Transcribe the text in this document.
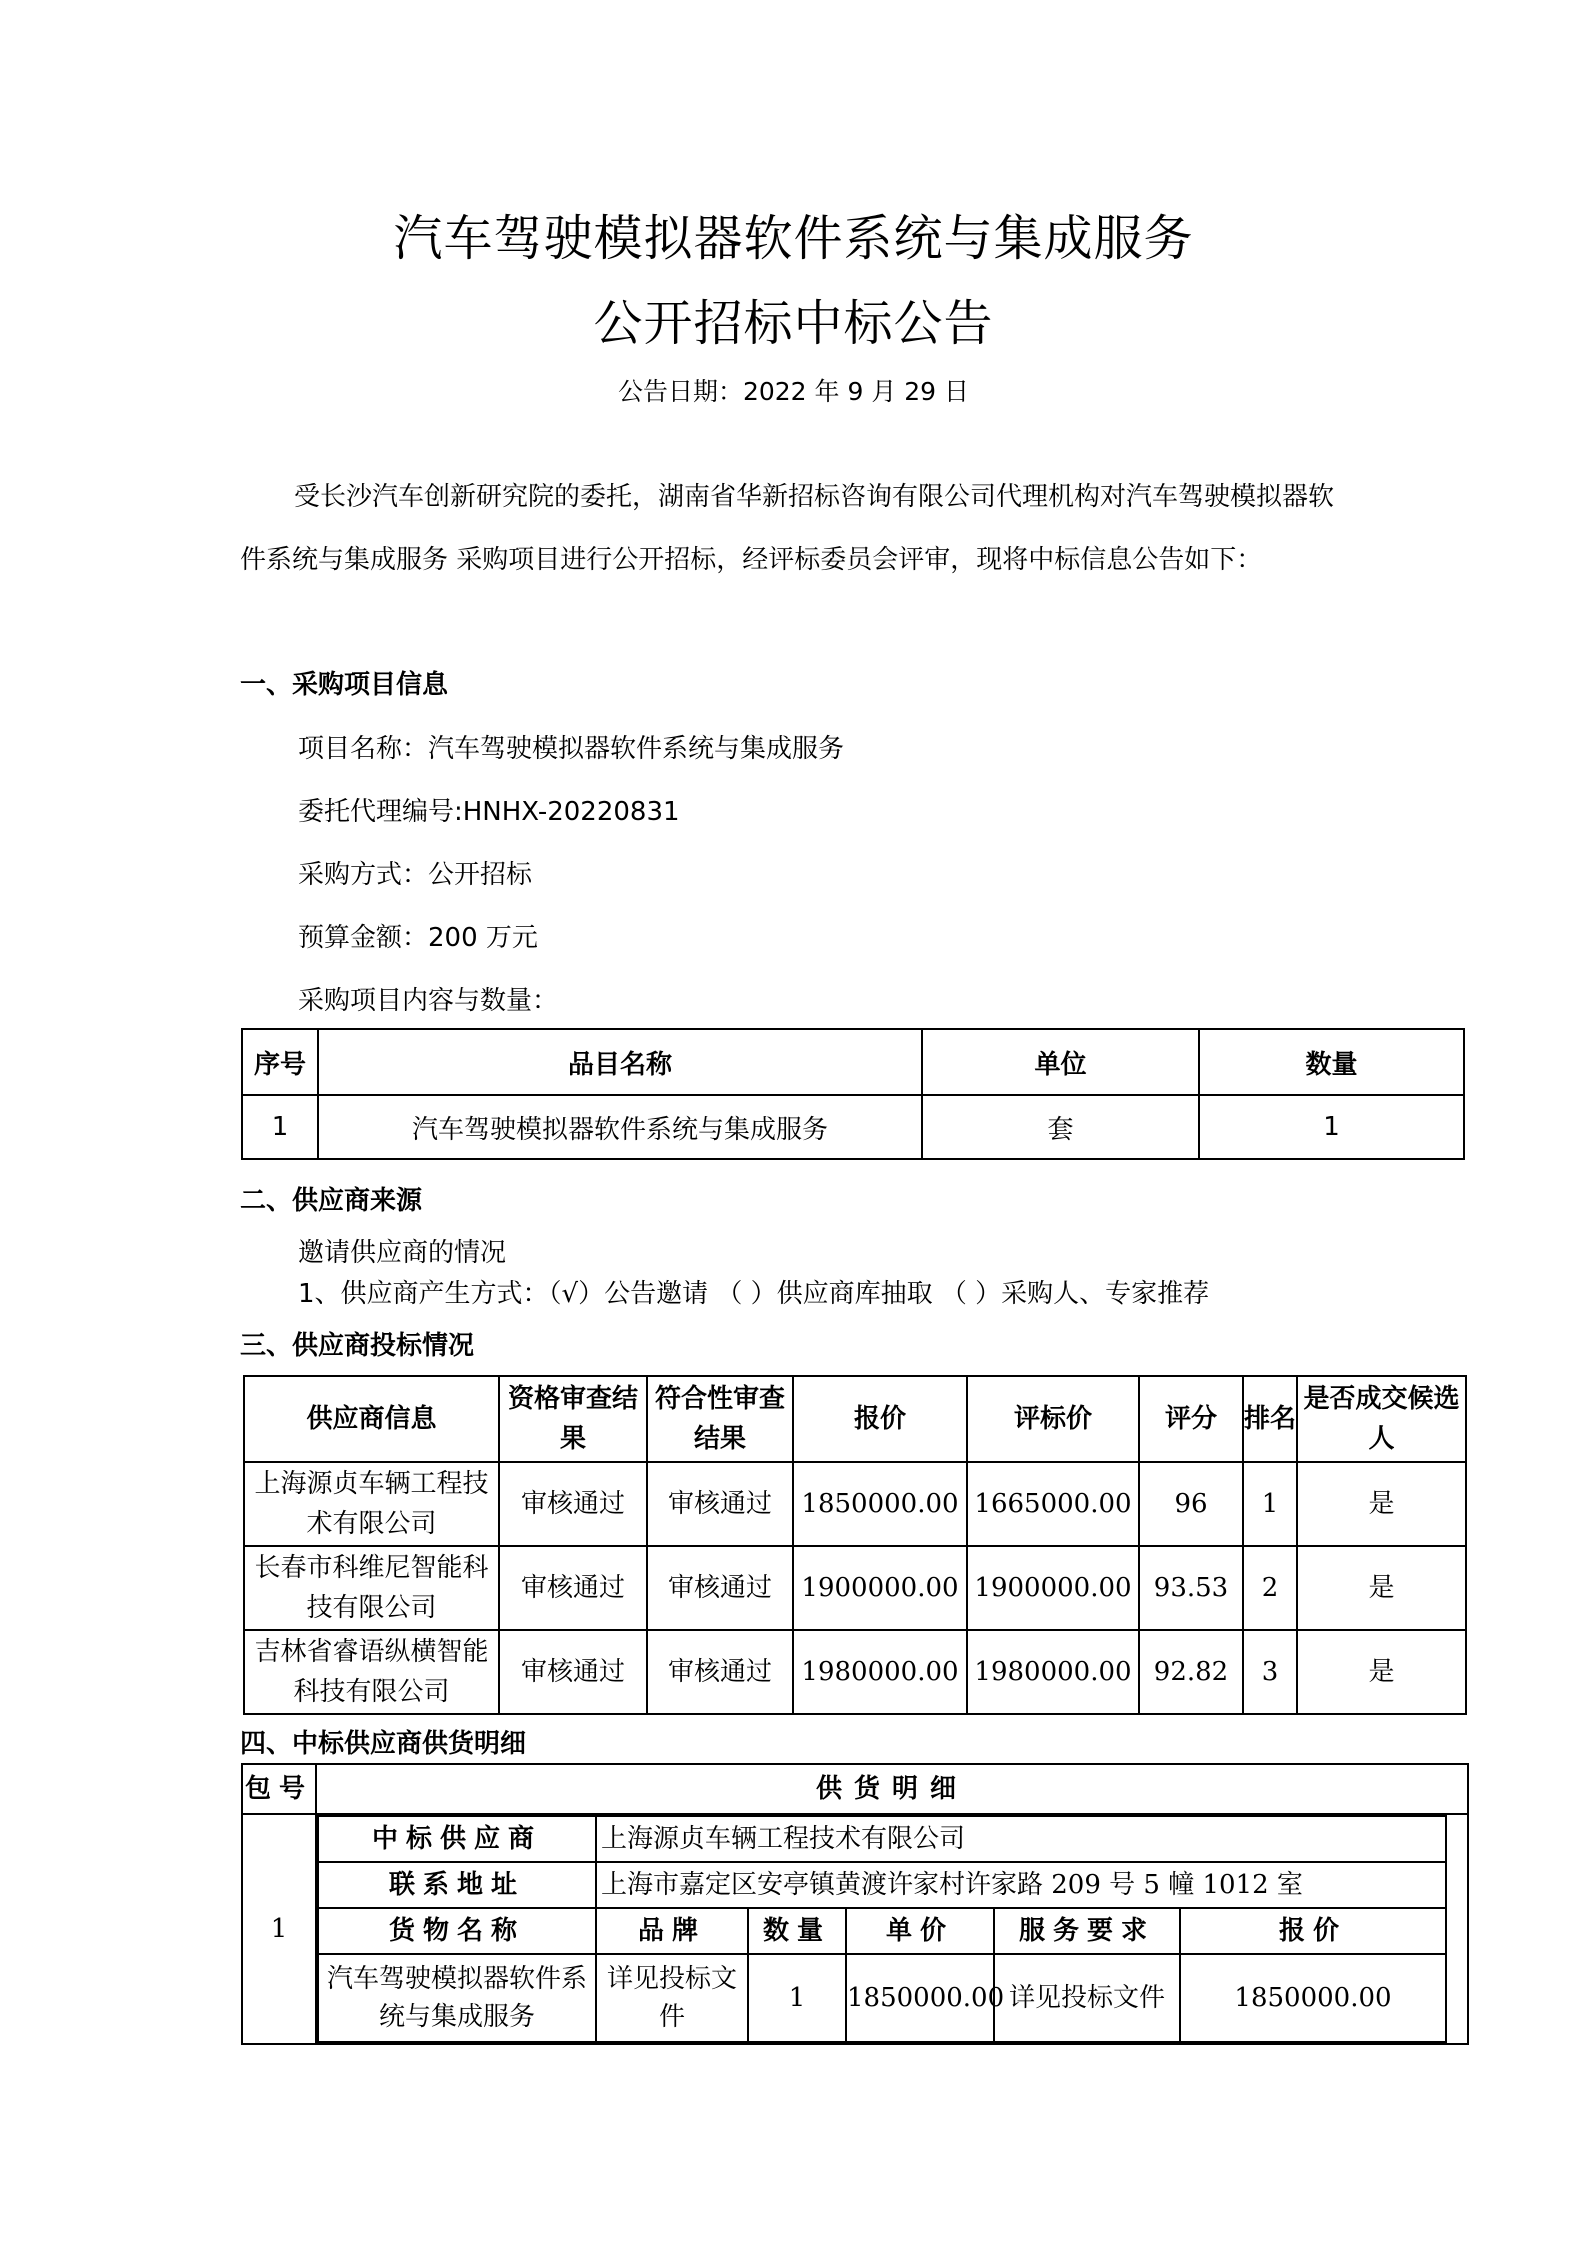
汽车驾驶模拟器软件系统与集成服务
公开招标中标公告
公告日期：2022 年 9 月 29 日
受长沙汽车创新研究院的委托，湖南省华新招标咨询有限公司代理机构对汽车驾驶模拟器软件系统与集成服务 采购项目进行公开招标，经评标委员会评审，现将中标信息公告如下：
一、采购项目信息
项目名称：汽车驾驶模拟器软件系统与集成服务
委托代理编号:HNHX-20220831
采购方式：公开招标
预算金额：200 万元
采购项目内容与数量：
序号	品目名称	单位	数量
1	汽车驾驶模拟器软件系统与集成服务	套	1
二、供应商来源
邀请供应商的情况
1、供应商产生方式：（√）公告邀请 （ ）供应商库抽取 （ ）采购人、专家推荐
三、供应商投标情况
供应商信息	资格审查结果	符合性审查结果	报价	评标价	评分	排名	是否成交候选人
上海源贞车辆工程技术有限公司	审核通过	审核通过	1850000.00	1665000.00	96	1	是
长春市科维尼智能科技有限公司	审核通过	审核通过	1900000.00	1900000.00	93.53	2	是
吉林省睿语纵横智能科技有限公司	审核通过	审核通过	1980000.00	1980000.00	92.82	3	是
四、中标供应商供货明细
包号	供货明细
1	
中标供应商	上海源贞车辆工程技术有限公司
联系地址	上海市嘉定区安亭镇黄渡许家村许家路 209 号 5 幢 1012 室
货物名称	品牌	数量	单价	服务要求	报价
汽车驾驶模拟器软件系统与集成服务	详见投标文件	1	1850000.00	详见投标文件	1850000.00
